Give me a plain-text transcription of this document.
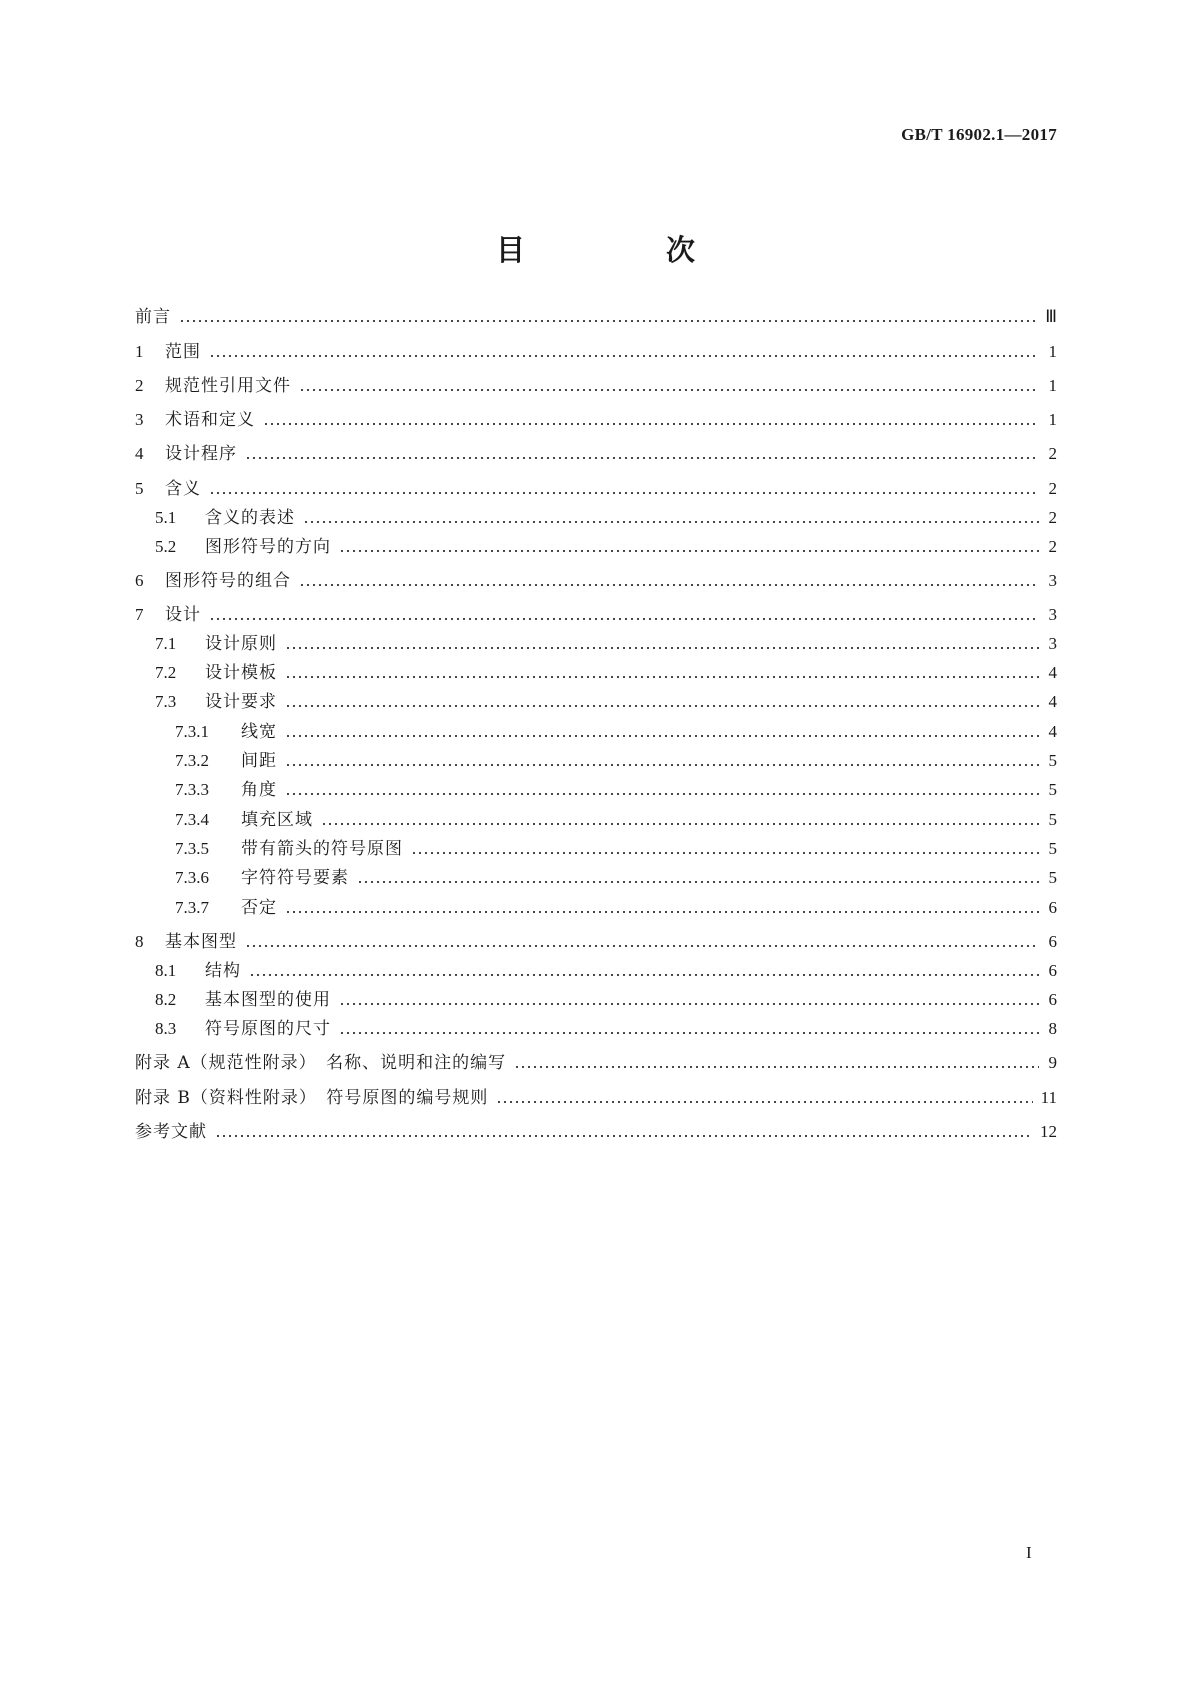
GB/T 16902.1—2017
目　次
前言	Ⅲ
1	范围	1
2	规范性引用文件	1
3	术语和定义	1
4	设计程序	2
5	含义	2
5.1	含义的表述	2
5.2	图形符号的方向	2
6	图形符号的组合	3
7	设计	3
7.1	设计原则	3
7.2	设计模板	4
7.3	设计要求	4
7.3.1	线宽	4
7.3.2	间距	5
7.3.3	角度	5
7.3.4	填充区域	5
7.3.5	带有箭头的符号原图	5
7.3.6	字符符号要素	5
7.3.7	否定	6
8	基本图型	6
8.1	结构	6
8.2	基本图型的使用	6
8.3	符号原图的尺寸	8
附录 A（规范性附录）　名称、说明和注的编写	9
附录 B（资料性附录）　符号原图的编号规则	11
参考文献	12
I
